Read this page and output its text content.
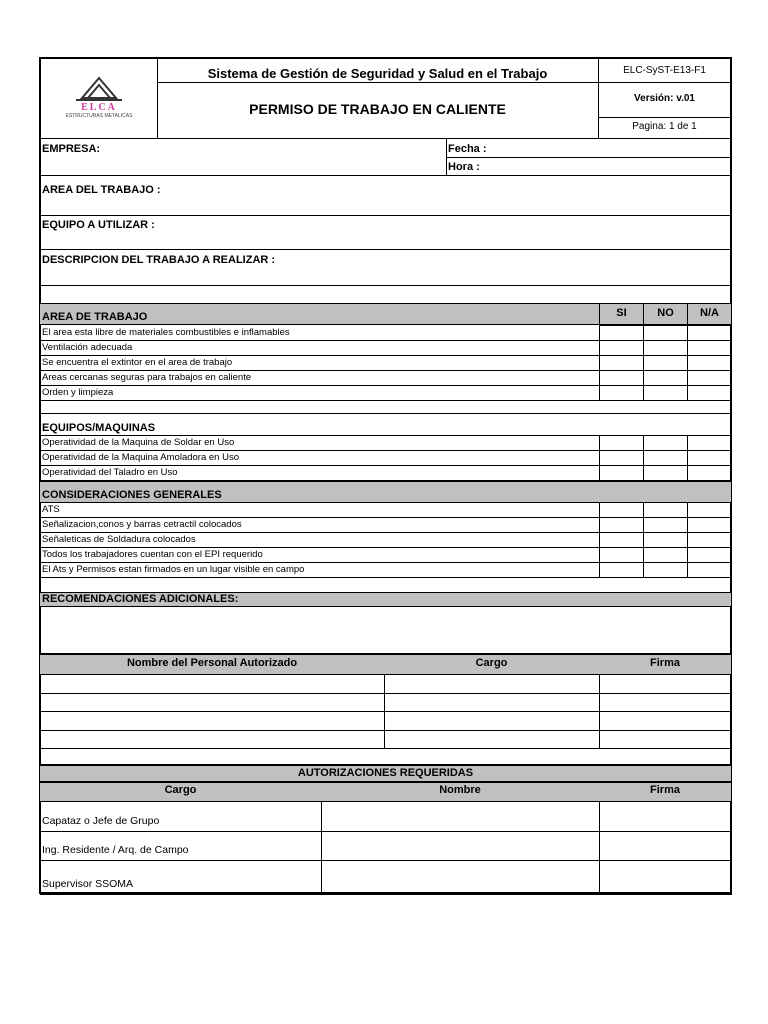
ELCA
ESTRUCTURAS METALICAS
Sistema de Gestión de Seguridad y Salud en el Trabajo
PERMISO DE TRABAJO EN CALIENTE
ELC-SyST-E13-F1
Versión: v.01
Pagina: 1 de 1
EMPRESA:	Fecha :
Hora :
AREA DEL TRABAJO :
EQUIPO A UTILIZAR :
DESCRIPCION DEL TRABAJO A REALIZAR :
AREA DE TRABAJO	SI	NO	N/A
El area esta libre de materiales combustibles e inflamables
Ventilación adecuada
Se encuentra el extintor en el area de trabajo
Areas cercanas seguras para trabajos en caliente
Orden y limpieza
EQUIPOS/MAQUINAS
Operatividad de la Maquina de Soldar en Uso
Operatividad de la Maquina Amoladora en Uso
Operatividad del Taladro en Uso
CONSIDERACIONES GENERALES
ATS
Señalizacion,conos y barras cetractil colocados
Señaleticas de Soldadura colocados
Todos los trabajadores cuentan con el EPI requerido
El Ats y Permisos estan firmados en un lugar visible en campo
RECOMENDACIONES ADICIONALES:
Nombre del Personal Autorizado	Cargo	Firma
AUTORIZACIONES REQUERIDAS
Cargo	Nombre	Firma
Capataz o Jefe de Grupo
Ing. Residente / Arq. de Campo
Supervisor SSOMA
